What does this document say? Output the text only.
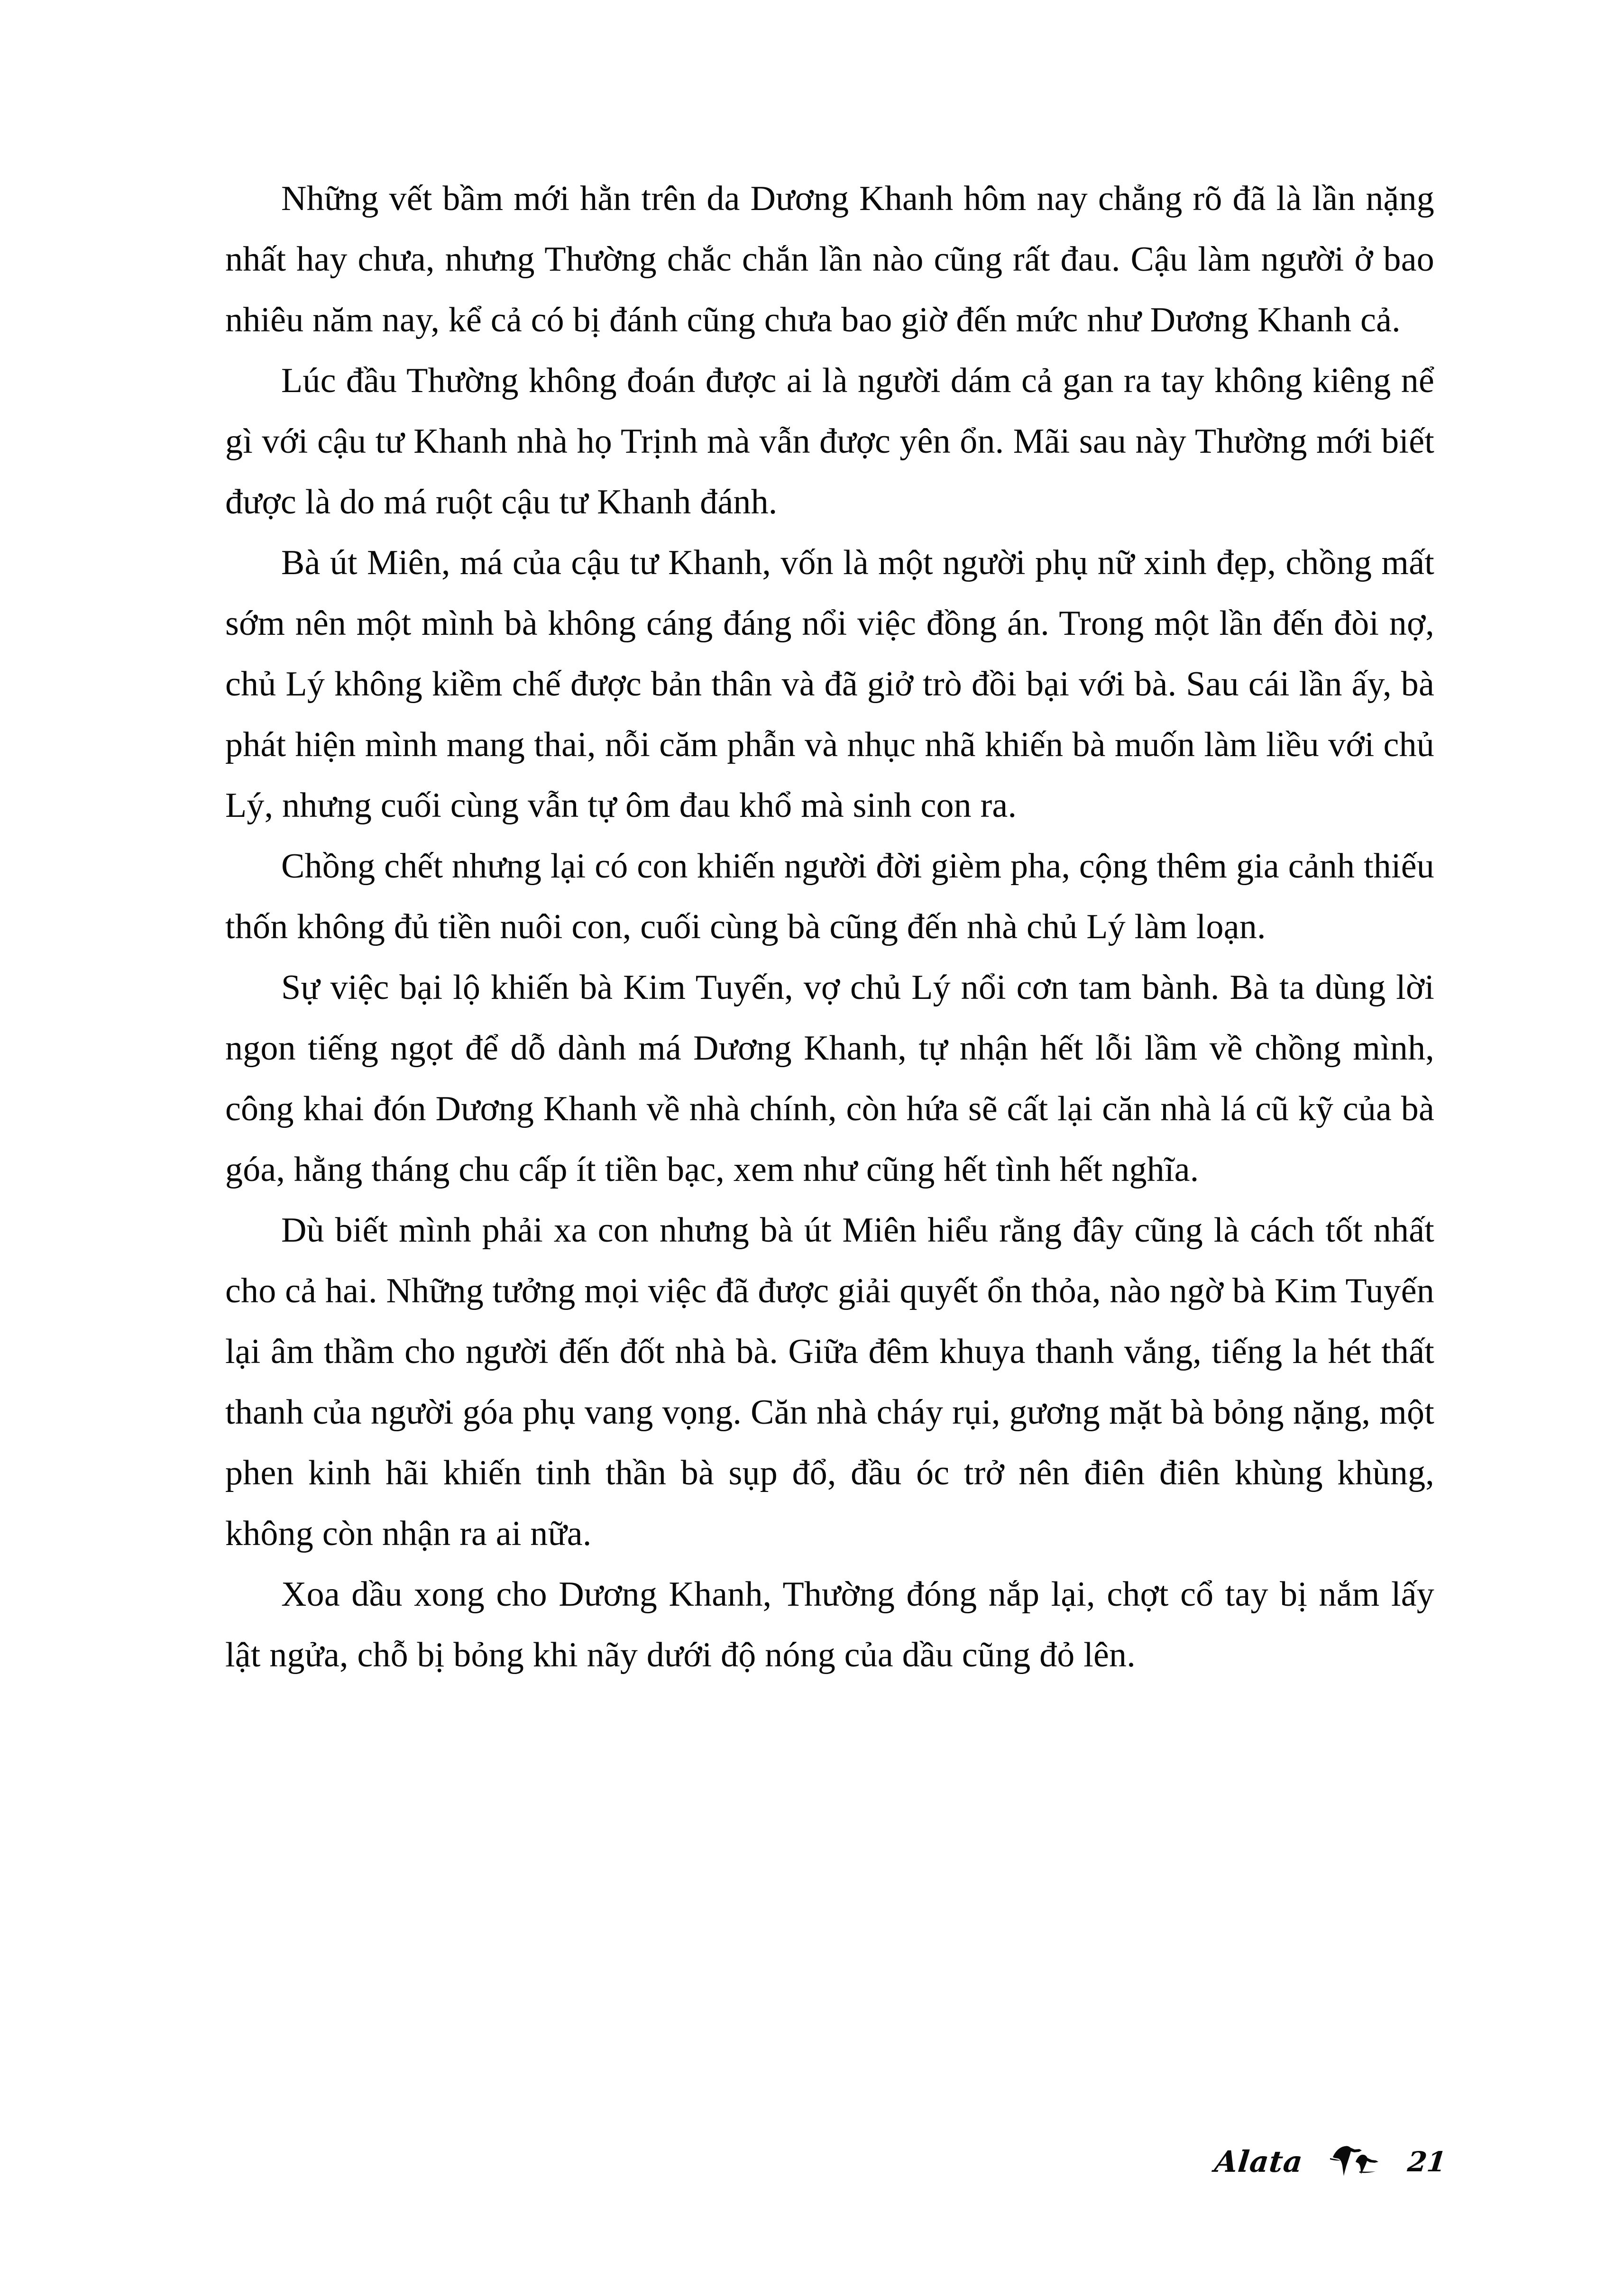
Những vết bầm mới hằn trên da Dương Khanh hôm nay chẳng rõ đã là lần nặng nhất hay chưa, nhưng Thường chắc chắn lần nào cũng rất đau. Cậu làm người ở bao nhiêu năm nay, kể cả có bị đánh cũng chưa bao giờ đến mức như Dương Khanh cả.

Lúc đầu Thường không đoán được ai là người dám cả gan ra tay không kiêng nể gì với cậu tư Khanh nhà họ Trịnh mà vẫn được yên ổn. Mãi sau này Thường mới biết được là do má ruột cậu tư Khanh đánh.

Bà út Miên, má của cậu tư Khanh, vốn là một người phụ nữ xinh đẹp, chồng mất sớm nên một mình bà không cáng đáng nổi việc đồng án. Trong một lần đến đòi nợ, chủ Lý không kiềm chế được bản thân và đã giở trò đồi bại với bà. Sau cái lần ấy, bà phát hiện mình mang thai, nỗi căm phẫn và nhục nhã khiến bà muốn làm liều với chủ Lý, nhưng cuối cùng vẫn tự ôm đau khổ mà sinh con ra.

Chồng chết nhưng lại có con khiến người đời gièm pha, cộng thêm gia cảnh thiếu thốn không đủ tiền nuôi con, cuối cùng bà cũng đến nhà chủ Lý làm loạn.

Sự việc bại lộ khiến bà Kim Tuyến, vợ chủ Lý nổi cơn tam bành. Bà ta dùng lời ngon tiếng ngọt để dỗ dành má Dương Khanh, tự nhận hết lỗi lầm về chồng mình, công khai đón Dương Khanh về nhà chính, còn hứa sẽ cất lại căn nhà lá cũ kỹ của bà góa, hằng tháng chu cấp ít tiền bạc, xem như cũng hết tình hết nghĩa.

Dù biết mình phải xa con nhưng bà út Miên hiểu rằng đây cũng là cách tốt nhất cho cả hai. Những tưởng mọi việc đã được giải quyết ổn thỏa, nào ngờ bà Kim Tuyến lại âm thầm cho người đến đốt nhà bà. Giữa đêm khuya thanh vắng, tiếng la hét thất thanh của người góa phụ vang vọng. Căn nhà cháy rụi, gương mặt bà bỏng nặng, một phen kinh hãi khiến tinh thần bà sụp đổ, đầu óc trở nên điên điên khùng khùng, không còn nhận ra ai nữa.

Xoa dầu xong cho Dương Khanh, Thường đóng nắp lại, chợt cổ tay bị nắm lấy lật ngửa, chỗ bị bỏng khi nãy dưới độ nóng của dầu cũng đỏ lên.

Alata	21
